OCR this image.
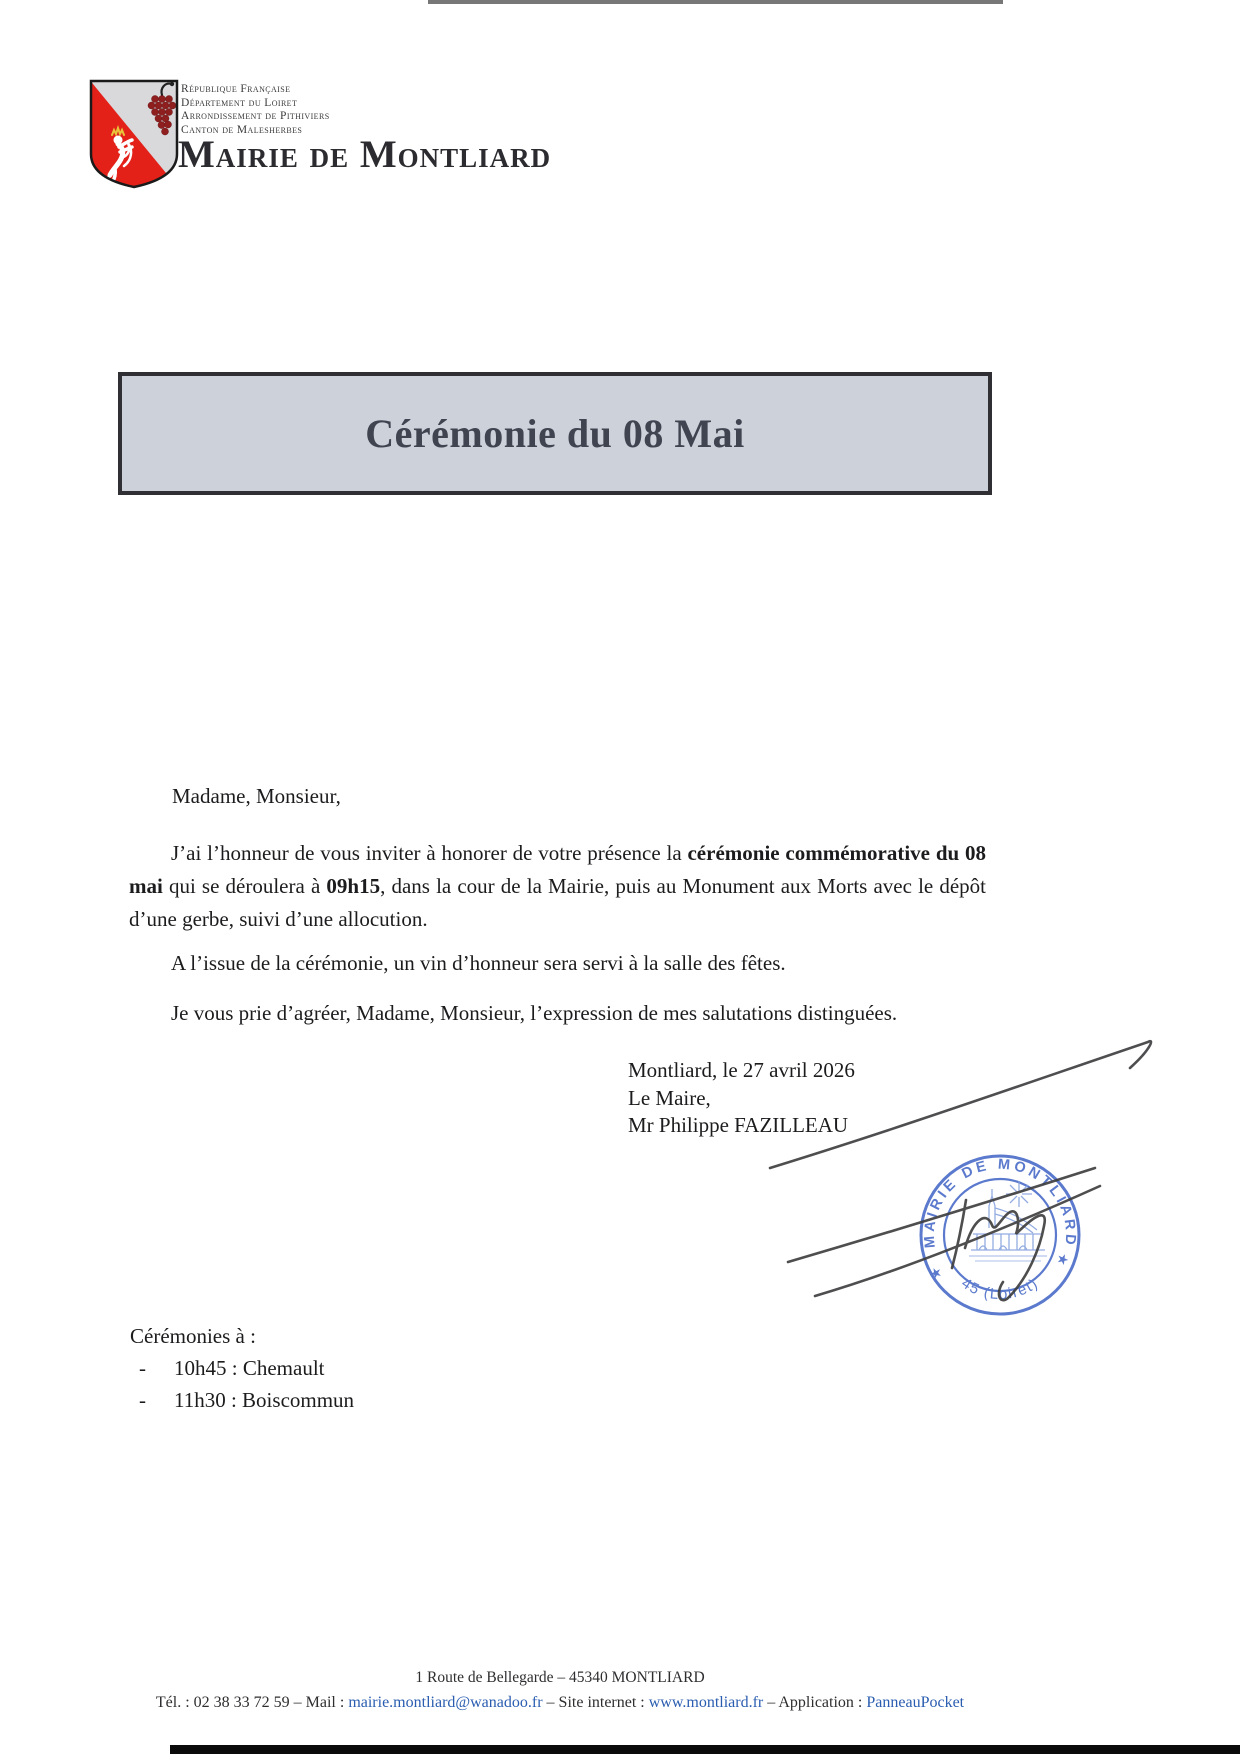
République Française
Département du Loiret
Arrondissement de Pithiviers
Canton de Malesherbes
Mairie de Montliard
Cérémonie du 08 Mai
Madame, Monsieur,
J’ai l’honneur de vous inviter à honorer de votre présence la cérémonie commémorative du 08 mai qui se déroulera à 09h15, dans la cour de la Mairie, puis au Monument aux Morts avec le dépôt d’une gerbe, suivi d’une allocution.
A l’issue de la cérémonie, un vin d’honneur sera servi à la salle des fêtes.
Je vous prie d’agréer, Madame, Monsieur, l’expression de mes salutations distinguées.
Montliard, le 27 avril 2026
Le Maire,
Mr Philippe FAZILLEAU
MAIRIE DE MONTLIARD
45 (Loiret)
★
★
Cérémonies à :
-	10h45 : Chemault
-	11h30 : Boiscommun
1 Route de Bellegarde – 45340 MONTLIARD
Tél. : 02 38 33 72 59 – Mail : mairie.montliard@wanadoo.fr – Site internet : www.montliard.fr – Application : PanneauPocket
